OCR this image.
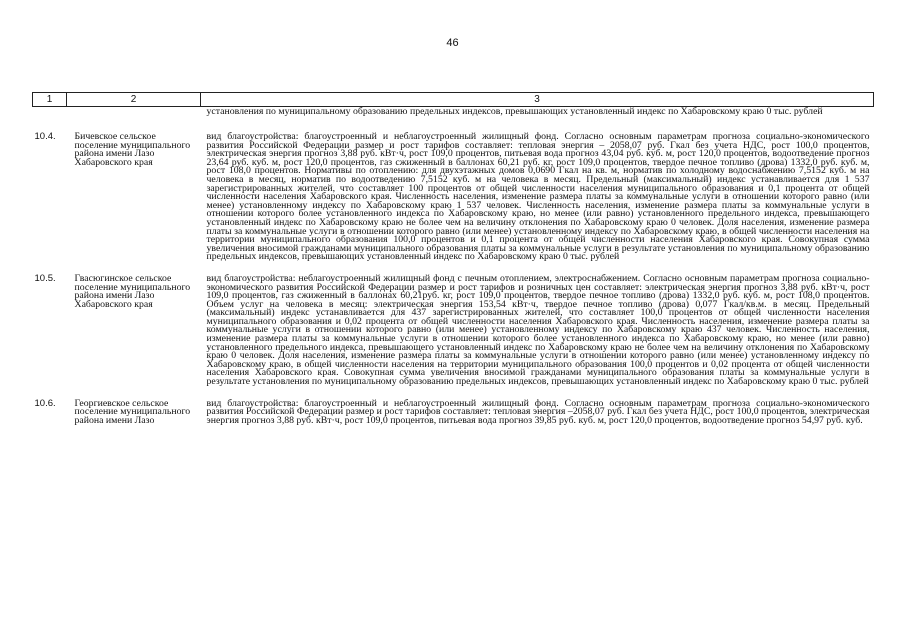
46
1	2	3
		установления по муниципальному образованию предельных индексов, превышающих установленный индекс по Хабаровскому краю 0 тыс. рублей
10.4.	Бичевское сельское поселение муниципального района имени Лазо Хабаровского края	вид благоустройства: благоустроенный и неблагоустроенный жилищный фонд. Согласно основным параметрам прогноза социально-экономического развития Российской Федерации размер и рост тарифов составляет: тепловая энергия – 2058,07 руб. Гкал без учета НДС, рост 100,0 процентов, электрическая энергия прогноз 3,88 руб. кВт·ч, рост 109,0 процентов, питьевая вода прогноз 43,04 руб. куб. м, рост 120,0 процентов, водоотведение прогноз 23,64 руб. куб. м, рост 120,0 процентов, газ сжиженный в баллонах 60,21 руб. кг, рост 109,0 процентов, твердое печное топливо (дрова) 1332,0 руб. куб. м, рост 108,0 процентов. Нормативы по отоплению: для двухэтажных домов 0,0690 Гкал на кв. м, норматив по холодному водоснабжению 7,5152 куб. м на человека в месяц, норматив по водоотведению 7,5152 куб. м на человека в месяц. Предельный (максимальный) индекс устанавливается для 1 537 зарегистрированных жителей, что составляет 100 процентов от общей численности населения муниципального образования и 0,1 процента от общей численности населения Хабаровского края. Численность населения, изменение размера платы за коммунальные услуги в отношении которого равно (или менее) установленному индексу по Хабаровскому краю 1 537 человек. Численность населения, изменение размера платы за коммунальные услуги в отношении которого более установленного индекса по Хабаровскому краю, но менее (или равно) установленного предельного индекса, превышающего установленный индекс по Хабаровскому краю не более чем на величину отклонения по Хабаровскому краю 0 человек. Доля населения, изменение размера платы за коммунальные услуги в отношении которого равно (или менее) установленному индексу по Хабаровскому краю, в общей численности населения на территории муниципального образования 100,0 процентов и 0,1 процента от общей численности населения Хабаровского края. Совокупная сумма увеличения вносимой гражданами муниципального образования платы за коммунальные услуги в результате установления по муниципальному образованию предельных индексов, превышающих установленный индекс по Хабаровскому краю 0 тыс. рублей
10.5.	Гвасюгинское сельское поселение муниципального района имени Лазо Хабаровского края	вид благоустройства: неблагоустроенный жилищный фонд с печным отоплением, электроснабжением. Согласно основным параметрам прогноза социально-экономического развития Российской Федерации размер и рост тарифов и розничных цен составляет: электрическая энергия прогноз 3,88 руб. кВт·ч, рост 109,0 процентов, газ сжиженный в баллонах 60,21руб. кг, рост 109,0 процентов, твердое печное топливо (дрова) 1332,0 руб. куб. м, рост 108,0 процентов. Объем услуг на человека в месяц: электрическая энергия 153,54 кВт·ч, твердое печное топливо (дрова) 0,077 Гкал/кв.м. в месяц. Предельный (максимальный) индекс устанавливается для 437 зарегистрированных жителей, что составляет 100,0 процентов от общей численности населения муниципального образования и 0,02 процента от общей численности населения Хабаровского края. Численность населения, изменение размера платы за коммунальные услуги в отношении которого равно (или менее) установленному индексу по Хабаровскому краю 437 человек. Численность населения, изменение размера платы за коммунальные услуги в отношении которого более установленного индекса по Хабаровскому краю, но менее (или равно) установленного предельного индекса, превышающего установленный индекс по Хабаровскому краю не более чем на величину отклонения по Хабаровскому краю 0 человек. Доля населения, изменение размера платы за коммунальные услуги в отношении которого равно (или менее) установленному индексу по Хабаровскому краю, в общей численности населения на территории муниципального образования 100,0 процентов и 0,02 процента от общей численности населения Хабаровского края. Совокупная сумма увеличения вносимой гражданами муниципального образования платы за коммунальные услуги в результате установления по муниципальному образованию предельных индексов, превышающих установленный индекс по Хабаровскому краю 0 тыс. рублей
10.6.	Георгиевское сельское поселение муниципального района имени Лазо	вид благоустройства: благоустроенный и неблагоустроенный жилищный фонд. Согласно основным параметрам прогноза социально-экономического развития Российской Федерации размер и рост тарифов составляет: тепловая энергия –2058,07 руб. Гкал без учета НДС, рост 100,0 процентов, электрическая энергия прогноз 3,88 руб. кВт·ч, рост 109,0 процентов, питьевая вода прогноз 39,85 руб. куб. м, рост 120,0 процентов, водоотведение прогноз 54,97 руб. куб.
